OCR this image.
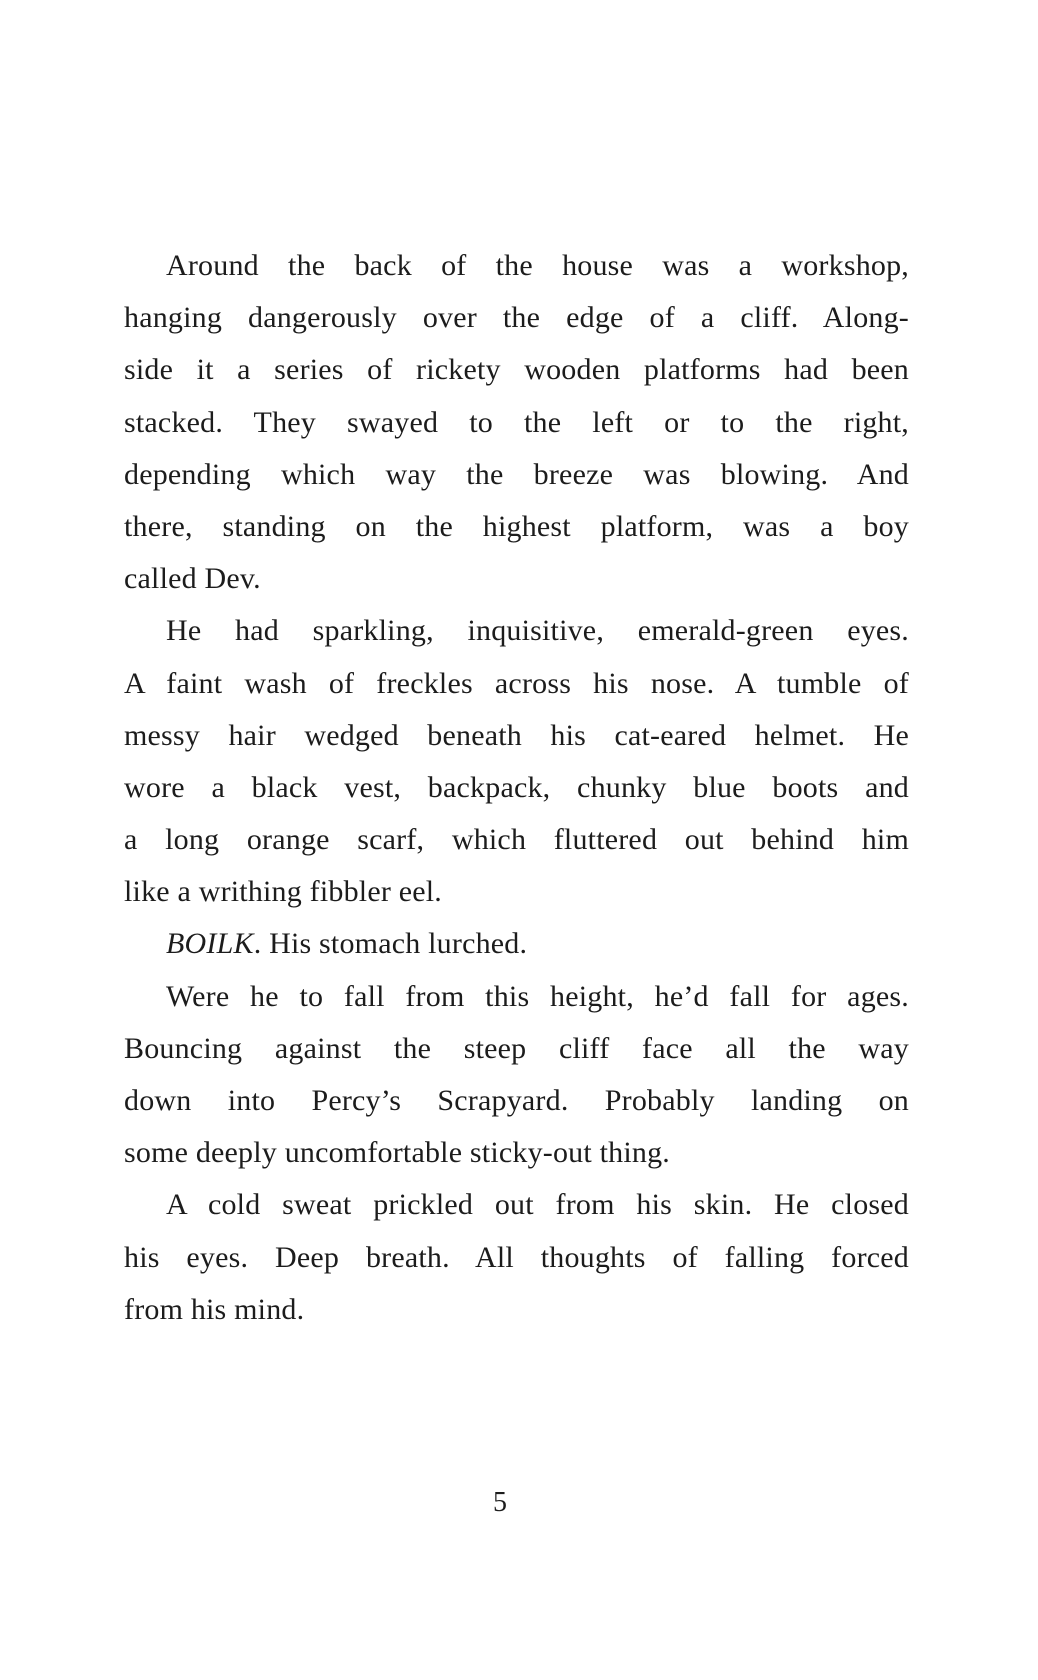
Around the back of the house was a workshop,
hanging dangerously over the edge of a cliff. Along-
side it a series of rickety wooden platforms had been
stacked. They swayed to the left or to the right,
depending which way the breeze was blowing. And
there, standing on the highest platform, was a boy
called Dev.
He had sparkling, inquisitive, emerald-green eyes.
A faint wash of freckles across his nose. A tumble of
messy hair wedged beneath his cat-eared helmet. He
wore a black vest, backpack, chunky blue boots and
a long orange scarf, which fluttered out behind him
like a writhing fibbler eel.
BOILK. His stomach lurched.
Were he to fall from this height, he’d fall for ages.
Bouncing against the steep cliff face all the way
down into Percy’s Scrapyard. Probably landing on
some deeply uncomfortable sticky-out thing.
A cold sweat prickled out from his skin. He closed
his eyes. Deep breath. All thoughts of falling forced
from his mind.
5
